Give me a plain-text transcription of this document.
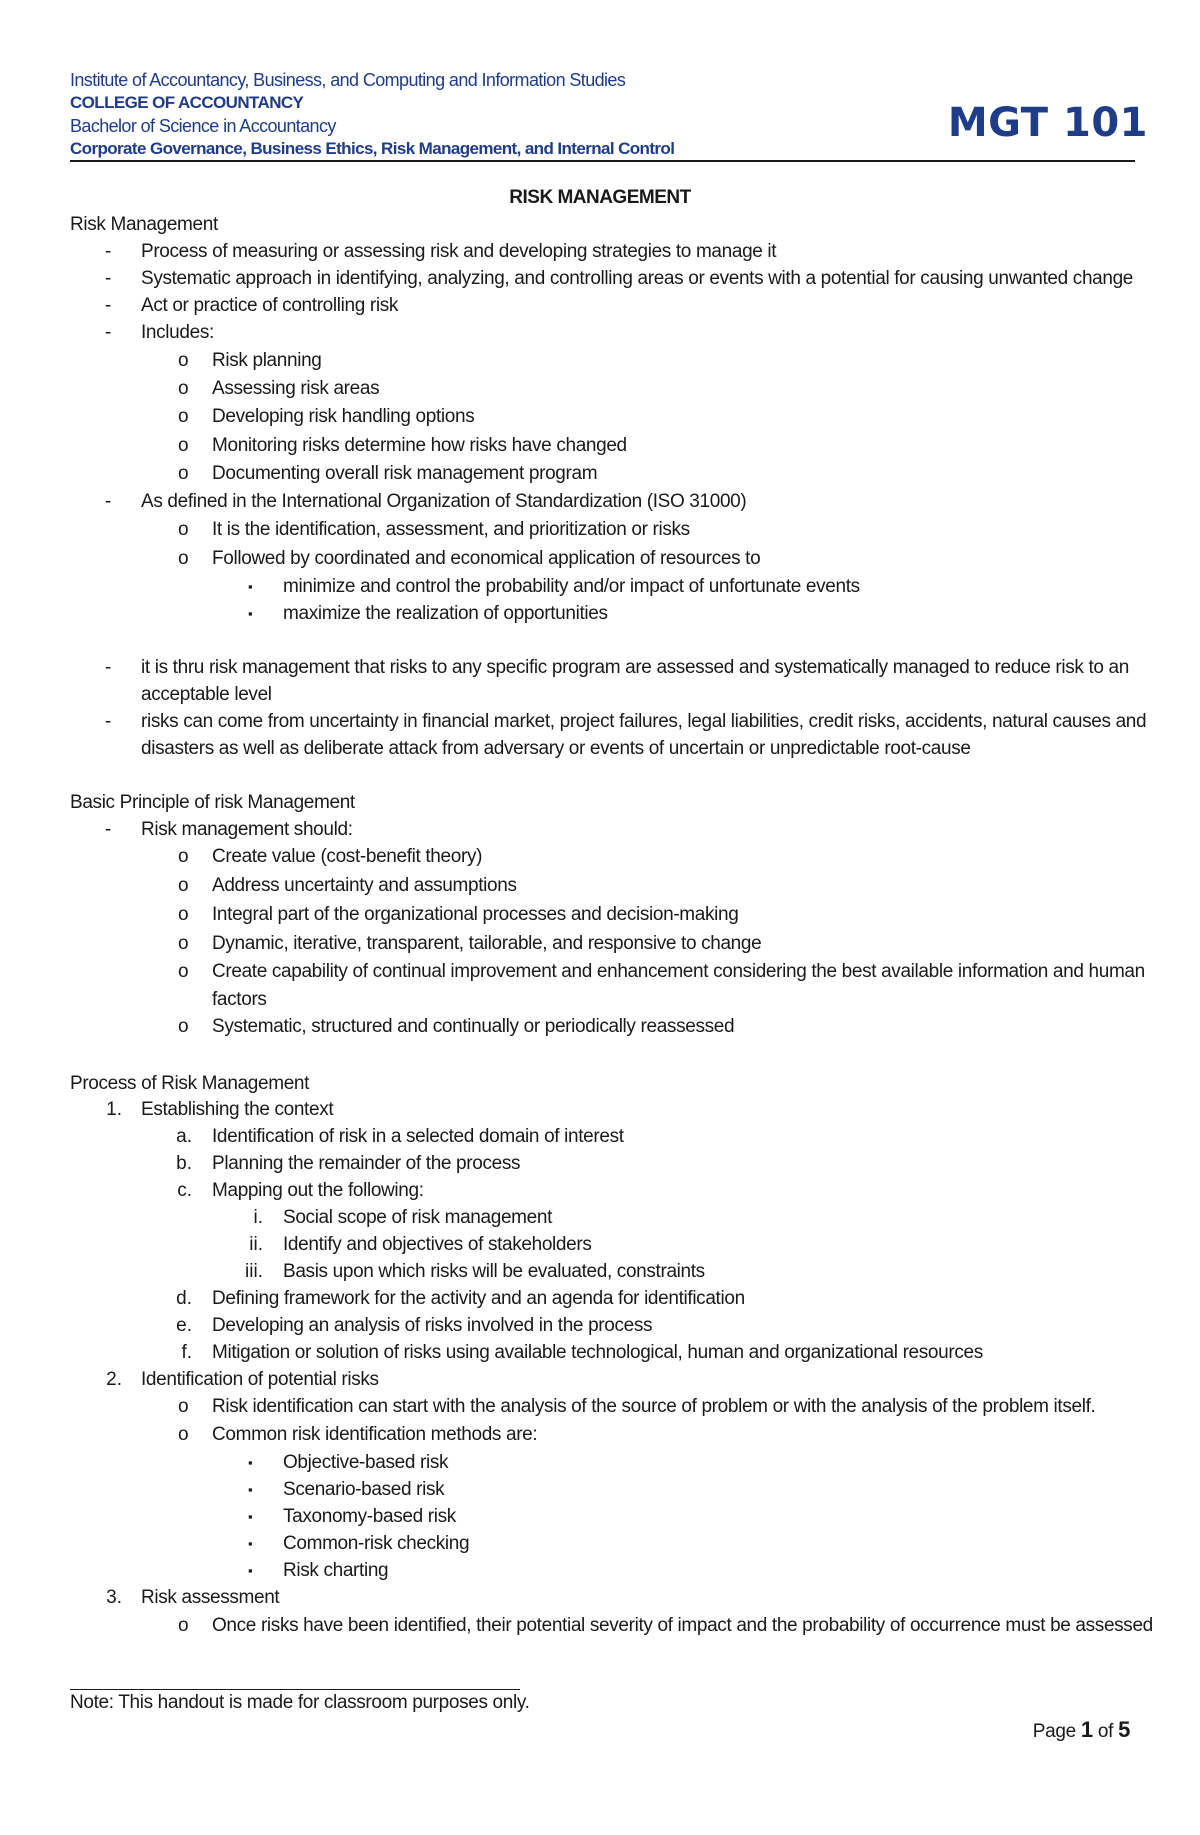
Institute of Accountancy, Business, and Computing and Information Studies
COLLEGE OF ACCOUNTANCY
Bachelor of Science in Accountancy
Corporate Governance, Business Ethics, Risk Management, and Internal Control
MGT 101
RISK MANAGEMENT
Risk Management
- Process of measuring or assessing risk and developing strategies to manage it
- Systematic approach in identifying, analyzing, and controlling areas or events with a potential for causing unwanted change
- Act or practice of controlling risk
- Includes:
o Risk planning
o Assessing risk areas
o Developing risk handling options
o Monitoring risks determine how risks have changed
o Documenting overall risk management program
- As defined in the International Organization of Standardization (ISO 31000)
o It is the identification, assessment, and prioritization or risks
o Followed by coordinated and economical application of resources to
▪ minimize and control the probability and/or impact of unfortunate events
▪ maximize the realization of opportunities
- it is thru risk management that risks to any specific program are assessed and systematically managed to reduce risk to an
acceptable level
- risks can come from uncertainty in financial market, project failures, legal liabilities, credit risks, accidents, natural causes and
disasters as well as deliberate attack from adversary or events of uncertain or unpredictable root-cause
Basic Principle of risk Management
- Risk management should:
o Create value (cost-benefit theory)
o Address uncertainty and assumptions
o Integral part of the organizational processes and decision-making
o Dynamic, iterative, transparent, tailorable, and responsive to change
o Create capability of continual improvement and enhancement considering the best available information and human
factors
o Systematic, structured and continually or periodically reassessed
Process of Risk Management
1. Establishing the context
a. Identification of risk in a selected domain of interest
b. Planning the remainder of the process
c. Mapping out the following:
i. Social scope of risk management
ii. Identify and objectives of stakeholders
iii. Basis upon which risks will be evaluated, constraints
d. Defining framework for the activity and an agenda for identification
e. Developing an analysis of risks involved in the process
f. Mitigation or solution of risks using available technological, human and organizational resources
2. Identification of potential risks
o Risk identification can start with the analysis of the source of problem or with the analysis of the problem itself.
o Common risk identification methods are:
▪ Objective-based risk
▪ Scenario-based risk
▪ Taxonomy-based risk
▪ Common-risk checking
▪ Risk charting
3. Risk assessment
o Once risks have been identified, their potential severity of impact and the probability of occurrence must be assessed
Note: This handout is made for classroom purposes only.
Page 1 of 5
